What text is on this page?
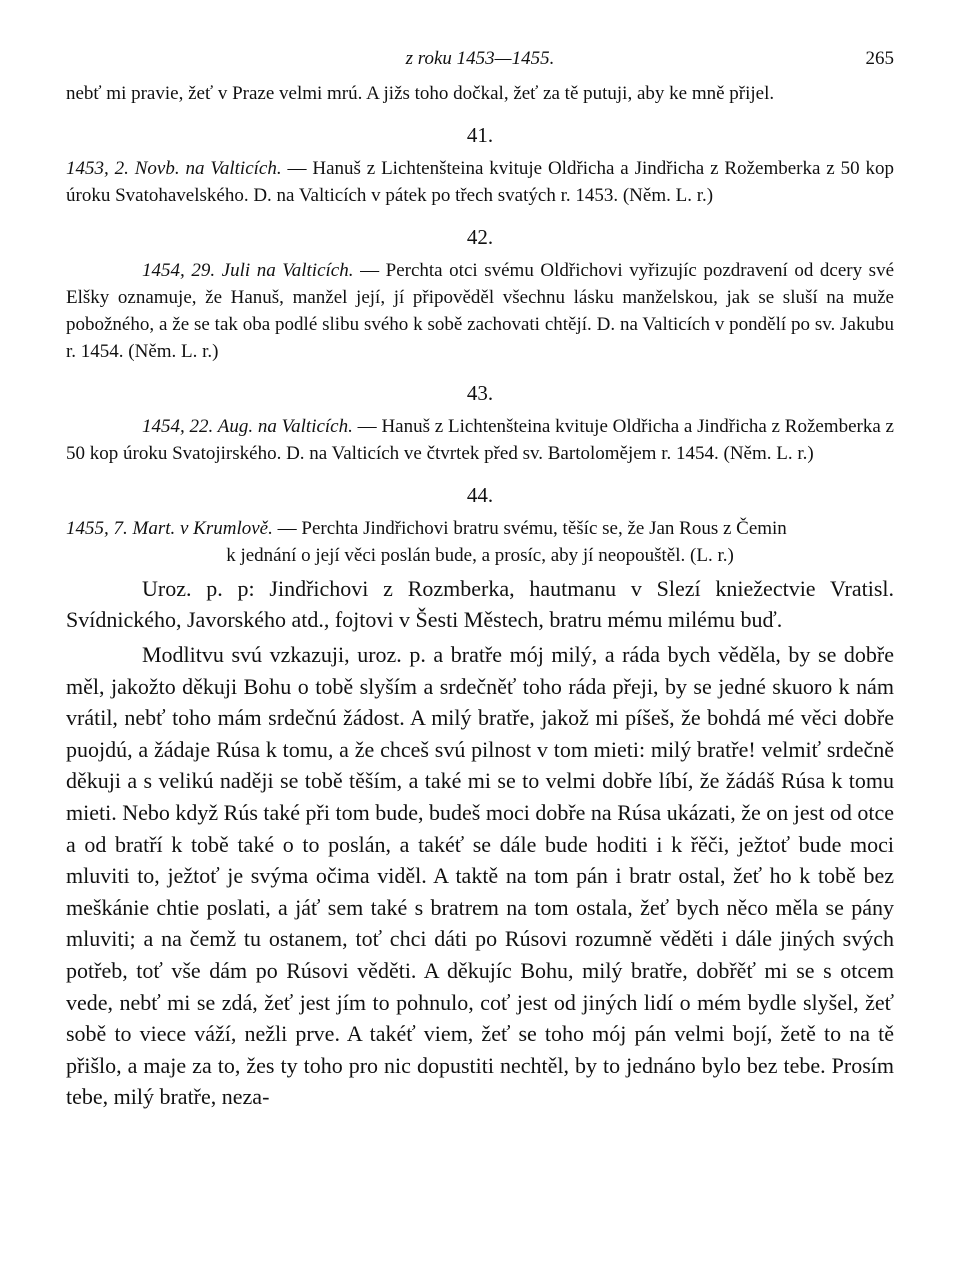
z roku 1453—1455.	265

nebť mi pravie, žeť v Praze velmi mrú. A jižs toho dočkal, žeť za tě putuji, aby ke mně přijel.

41.

1453, 2. Novb. na Valticích. — Hanuš z Lichtenšteina kvituje Oldřicha a Jindřicha z Rožemberka z 50 kop úroku Svatohavelského. D. na Valticích v pátek po třech svatých r. 1453. (Něm. L. r.)

42.

1454, 29. Juli na Valticích. — Perchta otci svému Oldřichovi vyřizujíc pozdravení od dcery své Elšky oznamuje, že Hanuš, manžel její, jí připověděl všechnu lásku manželskou, jak se sluší na muže pobožného, a že se tak oba podlé slibu svého k sobě zachovati chtějí. D. na Valticích v pondělí po sv. Jakubu r. 1454. (Něm. L. r.)

43.

1454, 22. Aug. na Valticích. — Hanuš z Lichtenšteina kvituje Oldřicha a Jindřicha z Rožemberka z 50 kop úroku Svatojirského. D. na Valticích ve čtvrtek před sv. Bartolomějem r. 1454. (Něm. L. r.)

44.

1455, 7. Mart. v Krumlově. — Perchta Jindřichovi bratru svému, těšíc se, že Jan Rous z Čemin

k jednání o její věci poslán bude, a prosíc, aby jí neopouštěl. (L. r.)

Uroz. p. p: Jindřichovi z Rozmberka, hautmanu v Slezí kniežectvie Vratisl. Svídnického, Javorského atd., fojtovi v Šesti Městech, bratru mému milému buď.

Modlitvu svú vzkazuji, uroz. p. a bratře mój milý, a ráda bych věděla, by se dobře měl, jakožto děkuji Bohu o tobě slyším a srdečněť toho ráda přeji, by se jedné skuoro k nám vrátil, nebť toho mám srdečnú žádost. A milý bratře, jakož mi píšeš, že bohdá mé věci dobře puojdú, a žádaje Rúsa k tomu, a že chceš svú pilnost v tom mieti: milý bratře! velmiť srdečně děkuji a s velikú naději se tobě těším, a také mi se to velmi dobře líbí, že žádáš Rúsa k tomu mieti. Nebo když Rús také při tom bude, budeš moci dobře na Rúsa ukázati, že on jest od otce a od bratří k tobě také o to poslán, a takéť se dále bude hoditi i k řěči, ježtoť bude moci mluviti to, ježtoť je svýma očima viděl. A taktě na tom pán i bratr ostal, žeť ho k tobě bez meškánie chtie poslati, a jáť sem také s bratrem na tom ostala, žeť bych něco měla se pány mluviti; a na čemž tu ostanem, toť chci dáti po Rúsovi rozumně věděti i dále jiných svých potřeb, toť vše dám po Rúsovi věděti. A děkujíc Bohu, milý bratře, dobřěť mi se s otcem vede, nebť mi se zdá, žeť jest jím to pohnulo, coť jest od jiných lidí o mém bydle slyšel, žeť sobě to viece váží, nežli prve. A takéť viem, žeť se toho mój pán velmi bojí, žetě to na tě přišlo, a maje za to, žes ty toho pro nic dopustiti nechtěl, by to jednáno bylo bez tebe. Prosím tebe, milý bratře, neza-
